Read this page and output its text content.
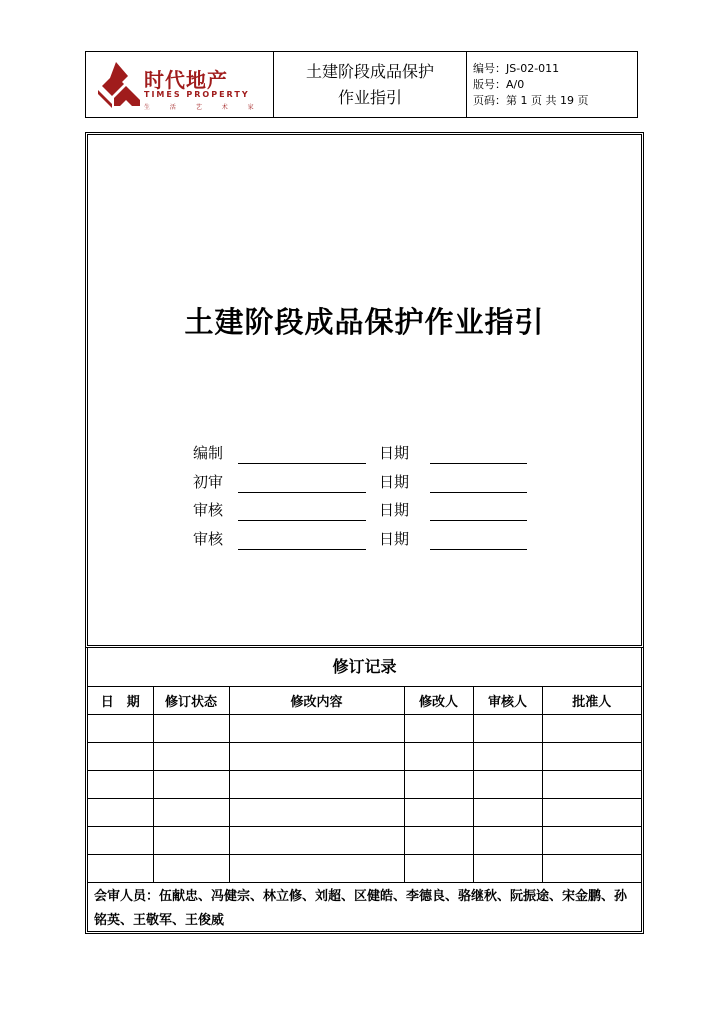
时代地产
TIMES PROPERTY
生 活 艺 术 家
土建阶段成品保护
作业指引
编号：JS-02-011
版号：A/0
页码：第 1 页 共 19 页
土建阶段成品保护作业指引
编制	日期
初审	日期
审核	日期
审核	日期
修订记录
日　期	修订状态	修改内容	修改人	审核人	批准人

会审人员：伍献忠、冯健宗、林立修、刘超、区健皓、李德良、骆继秋、阮振途、宋金鹏、孙铭英、王敬军、王俊威
